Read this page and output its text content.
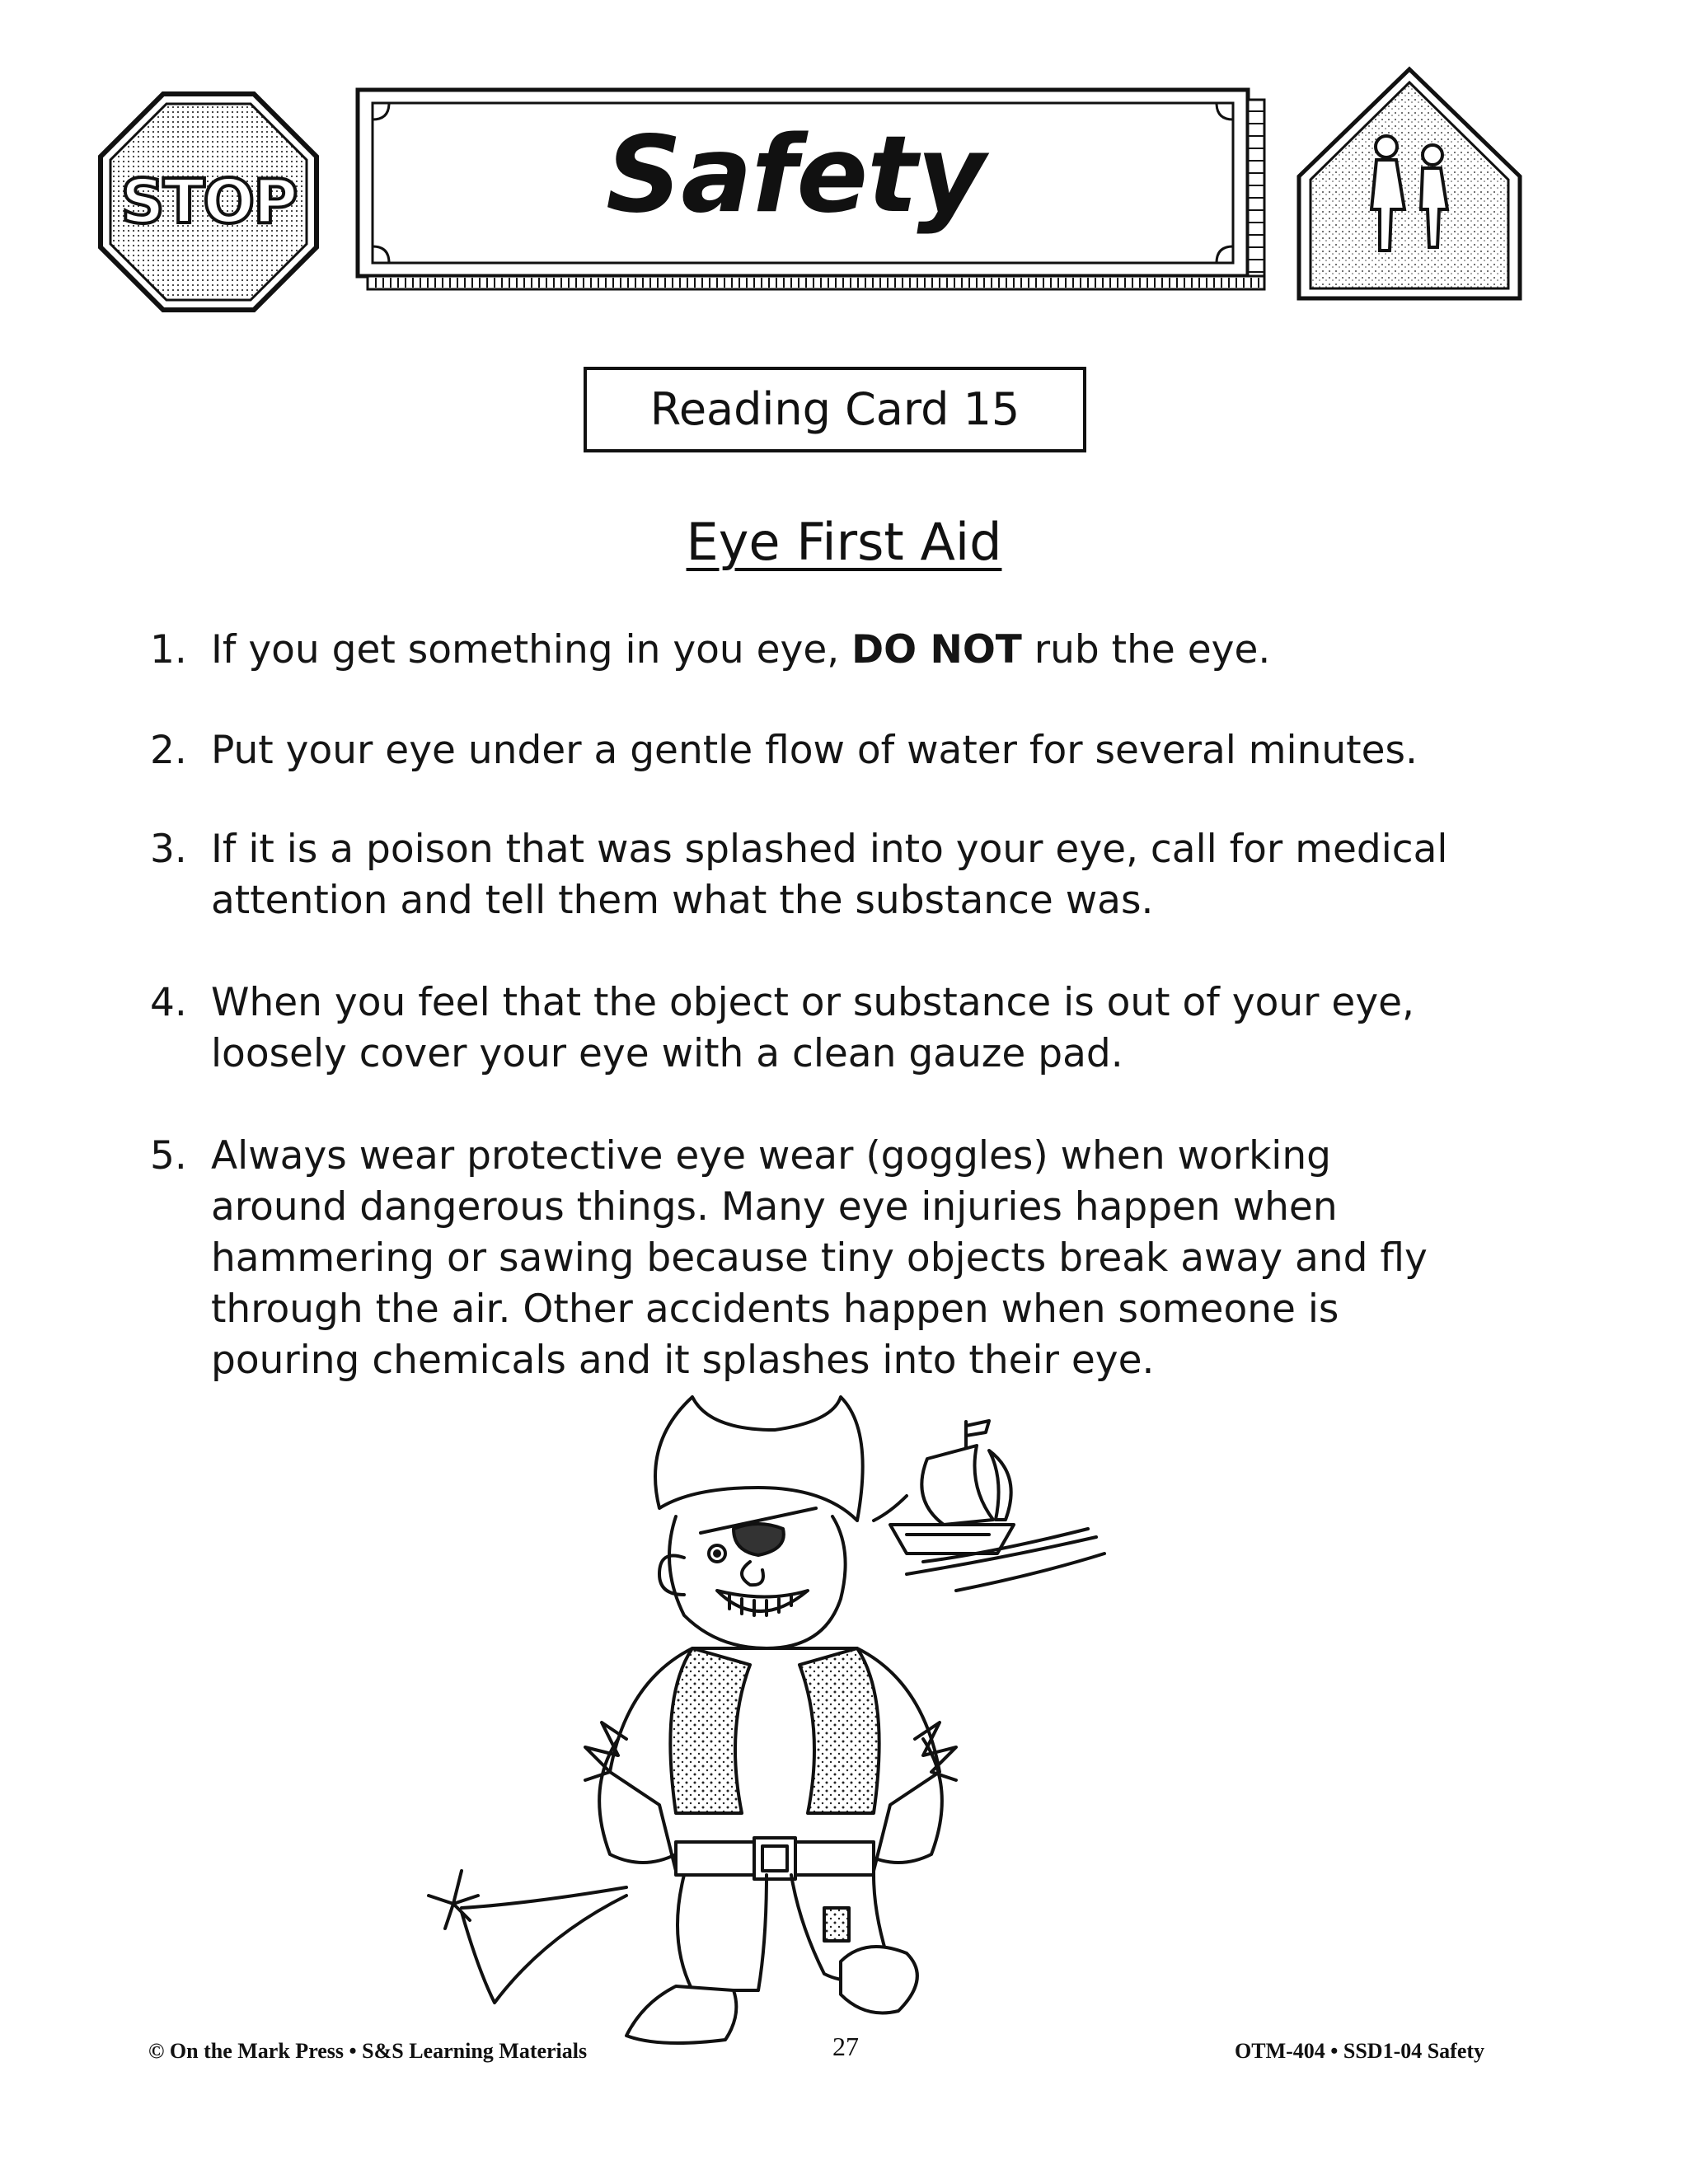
STOP	Safety
Reading Card 15
Eye First Aid
1. If you get something in you eye, DO NOT rub the eye.
2. Put your eye under a gentle flow of water for several minutes.
3. If it is a poison that was splashed into your eye, call for medical
attention and tell them what the substance was.
4. When you feel that the object or substance is out of your eye,
loosely cover your eye with a clean gauze pad.
5. Always wear protective eye wear (goggles) when working
around dangerous things. Many eye injuries happen when
hammering or sawing because tiny objects break away and fly
through the air. Other accidents happen when someone is
pouring chemicals and it splashes into their eye.
© On the Mark Press • S&S Learning Materials	27	OTM-404 • SSD1-04 Safety
